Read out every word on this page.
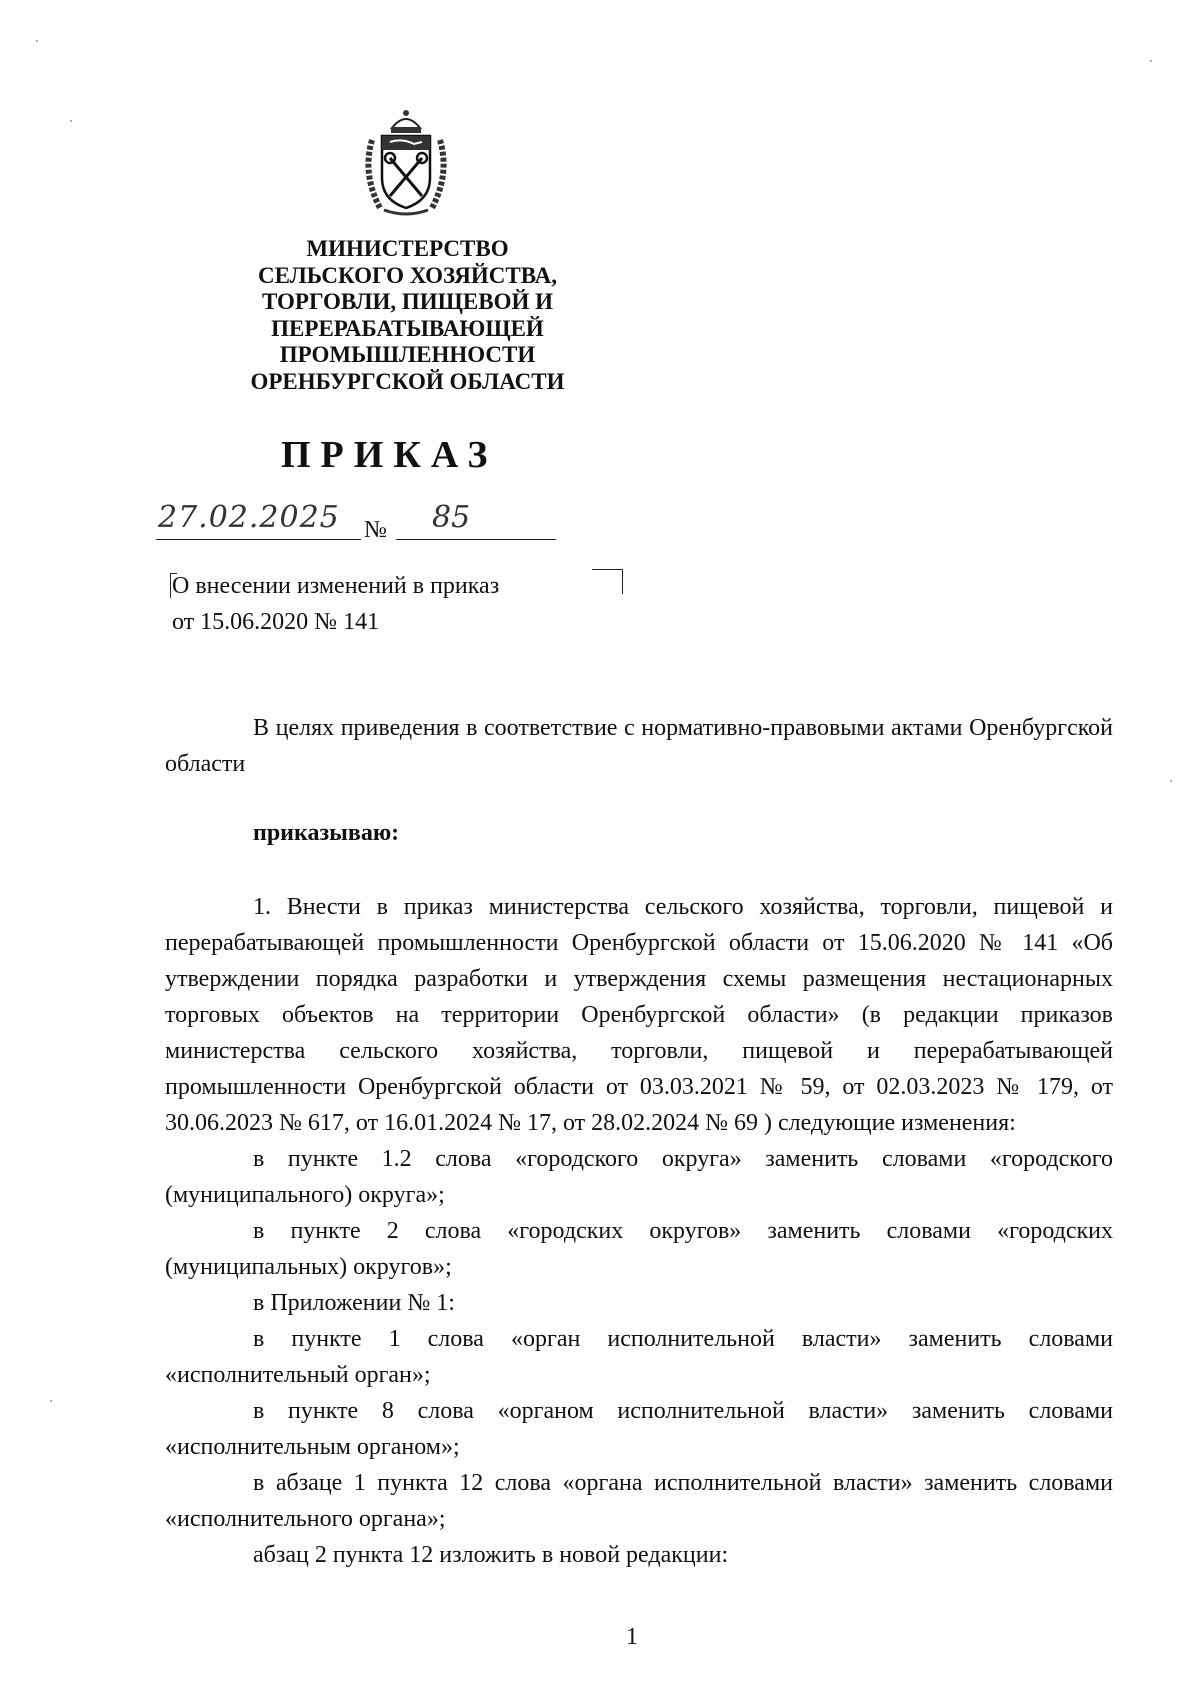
МИНИСТЕРСТВО
СЕЛЬСКОГО ХОЗЯЙСТВА,
ТОРГОВЛИ, ПИЩЕВОЙ И
ПЕРЕРАБАТЫВАЮЩЕЙ
ПРОМЫШЛЕННОСТИ
ОРЕНБУРГСКОЙ ОБЛАСТИ
ПРИКАЗ
27.02.2025 № 85
О внесении изменений в приказ
от 15.06.2020 № 141

В целях приведения в соответствие с нормативно-правовыми актами Оренбургской области

приказываю:

1. Внести в приказ министерства сельского хозяйства, торговли, пищевой и перерабатывающей промышленности Оренбургской области от 15.06.2020 № 141 «Об утверждении порядка разработки и утверждения схемы размещения нестационарных торговых объектов на территории Оренбургской области» (в редакции приказов министерства сельского хозяйства, торговли, пищевой и перерабатывающей промышленности Оренбургской области от 03.03.2021 № 59, от 02.03.2023 № 179, от 30.06.2023 № 617, от 16.01.2024 № 17, от 28.02.2024 № 69 ) следующие изменения:

в пункте 1.2 слова «городского округа» заменить словами «городского (муниципального) округа»;

в пункте 2 слова «городских округов» заменить словами «городских (муниципальных) округов»;

в Приложении № 1:

в пункте 1 слова «орган исполнительной власти» заменить словами «исполнительный орган»;

в пункте 8 слова «органом исполнительной власти» заменить словами «исполнительным органом»;

в абзаце 1 пункта 12 слова «органа исполнительной власти» заменить словами «исполнительного органа»;

абзац 2 пункта 12 изложить в новой редакции:

1
